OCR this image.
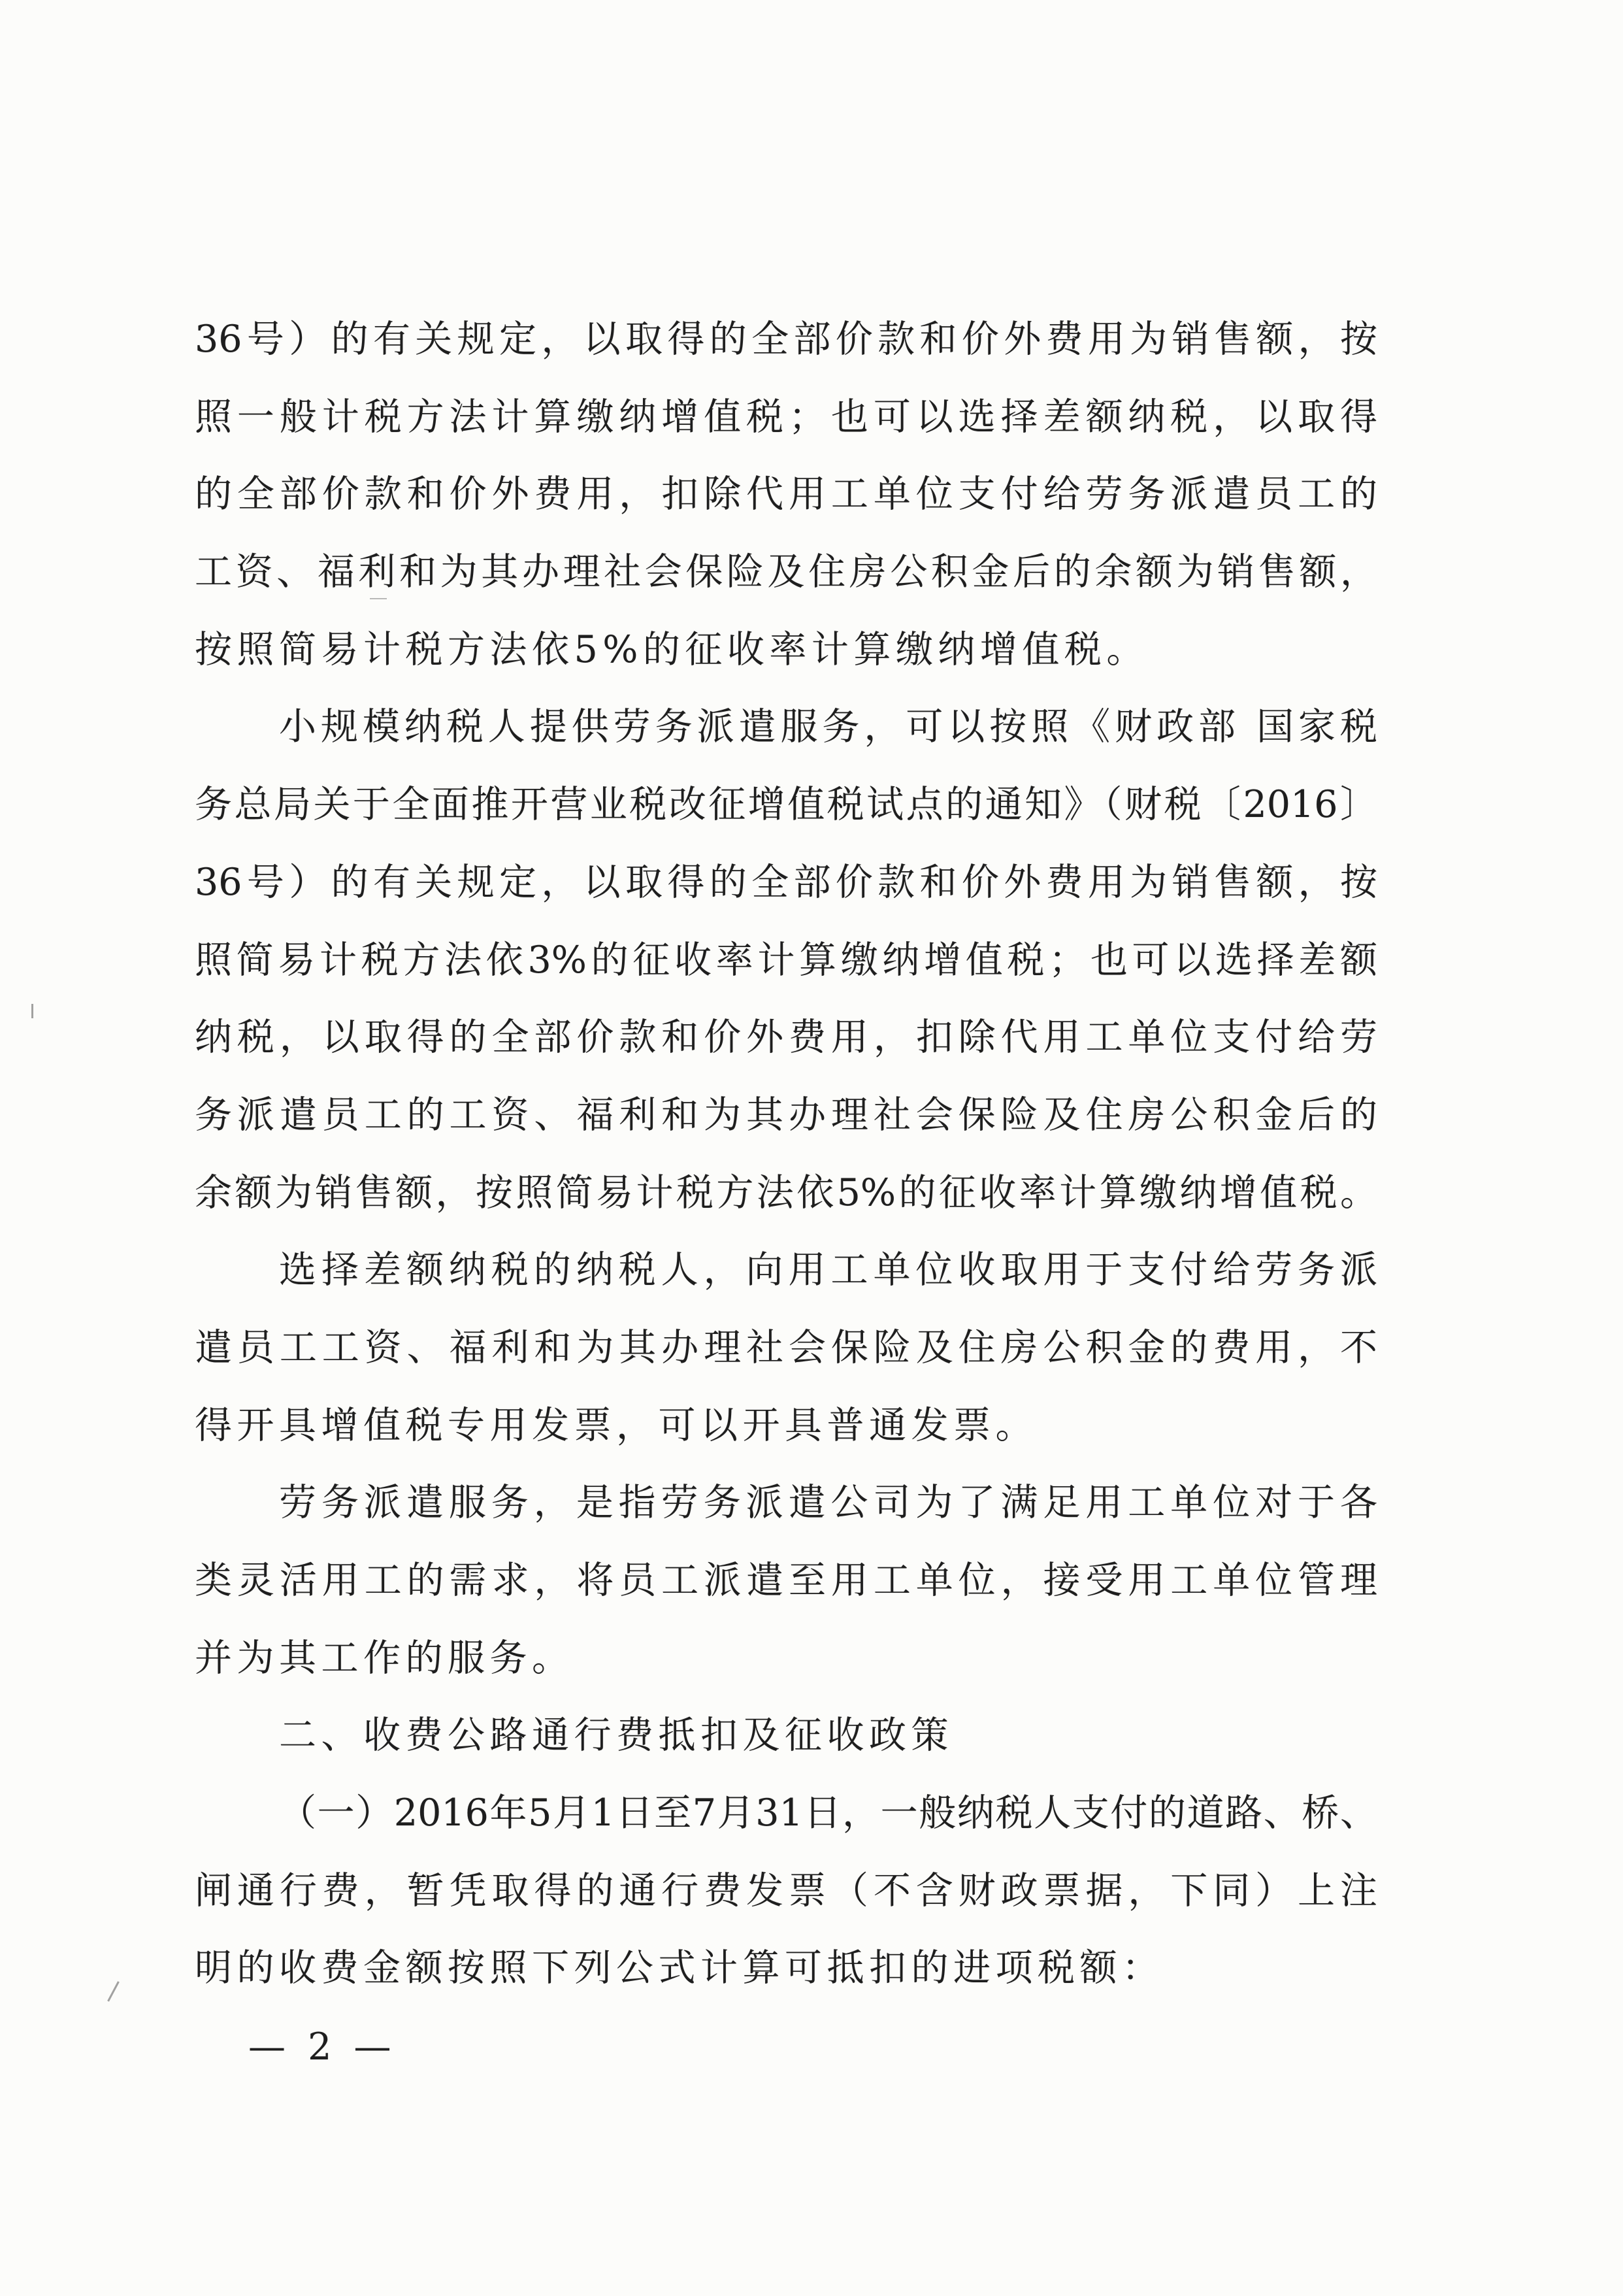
36号）的有关规定，以取得的全部价款和价外费用为销售额，按
照一般计税方法计算缴纳增值税；也可以选择差额纳税，以取得
的全部价款和价外费用，扣除代用工单位支付给劳务派遣员工的
工资、福利和为其办理社会保险及住房公积金后的余额为销售额，
按照简易计税方法依5%的征收率计算缴纳增值税。
小规模纳税人提供劳务派遣服务，可以按照《财政部 国家税
务总局关于全面推开营业税改征增值税试点的通知》（财税〔2016〕
36号）的有关规定，以取得的全部价款和价外费用为销售额，按
照简易计税方法依3%的征收率计算缴纳增值税；也可以选择差额
纳税，以取得的全部价款和价外费用，扣除代用工单位支付给劳
务派遣员工的工资、福利和为其办理社会保险及住房公积金后的
余额为销售额，按照简易计税方法依5%的征收率计算缴纳增值税。
选择差额纳税的纳税人，向用工单位收取用于支付给劳务派
遣员工工资、福利和为其办理社会保险及住房公积金的费用，不
得开具增值税专用发票，可以开具普通发票。
劳务派遣服务，是指劳务派遣公司为了满足用工单位对于各
类灵活用工的需求，将员工派遣至用工单位，接受用工单位管理
并为其工作的服务。
二、收费公路通行费抵扣及征收政策
（一）2016年5月1日至7月31日，一般纳税人支付的道路、桥、
闸通行费，暂凭取得的通行费发票（不含财政票据，下同）上注
明的收费金额按照下列公式计算可抵扣的进项税额：
— 2 —
